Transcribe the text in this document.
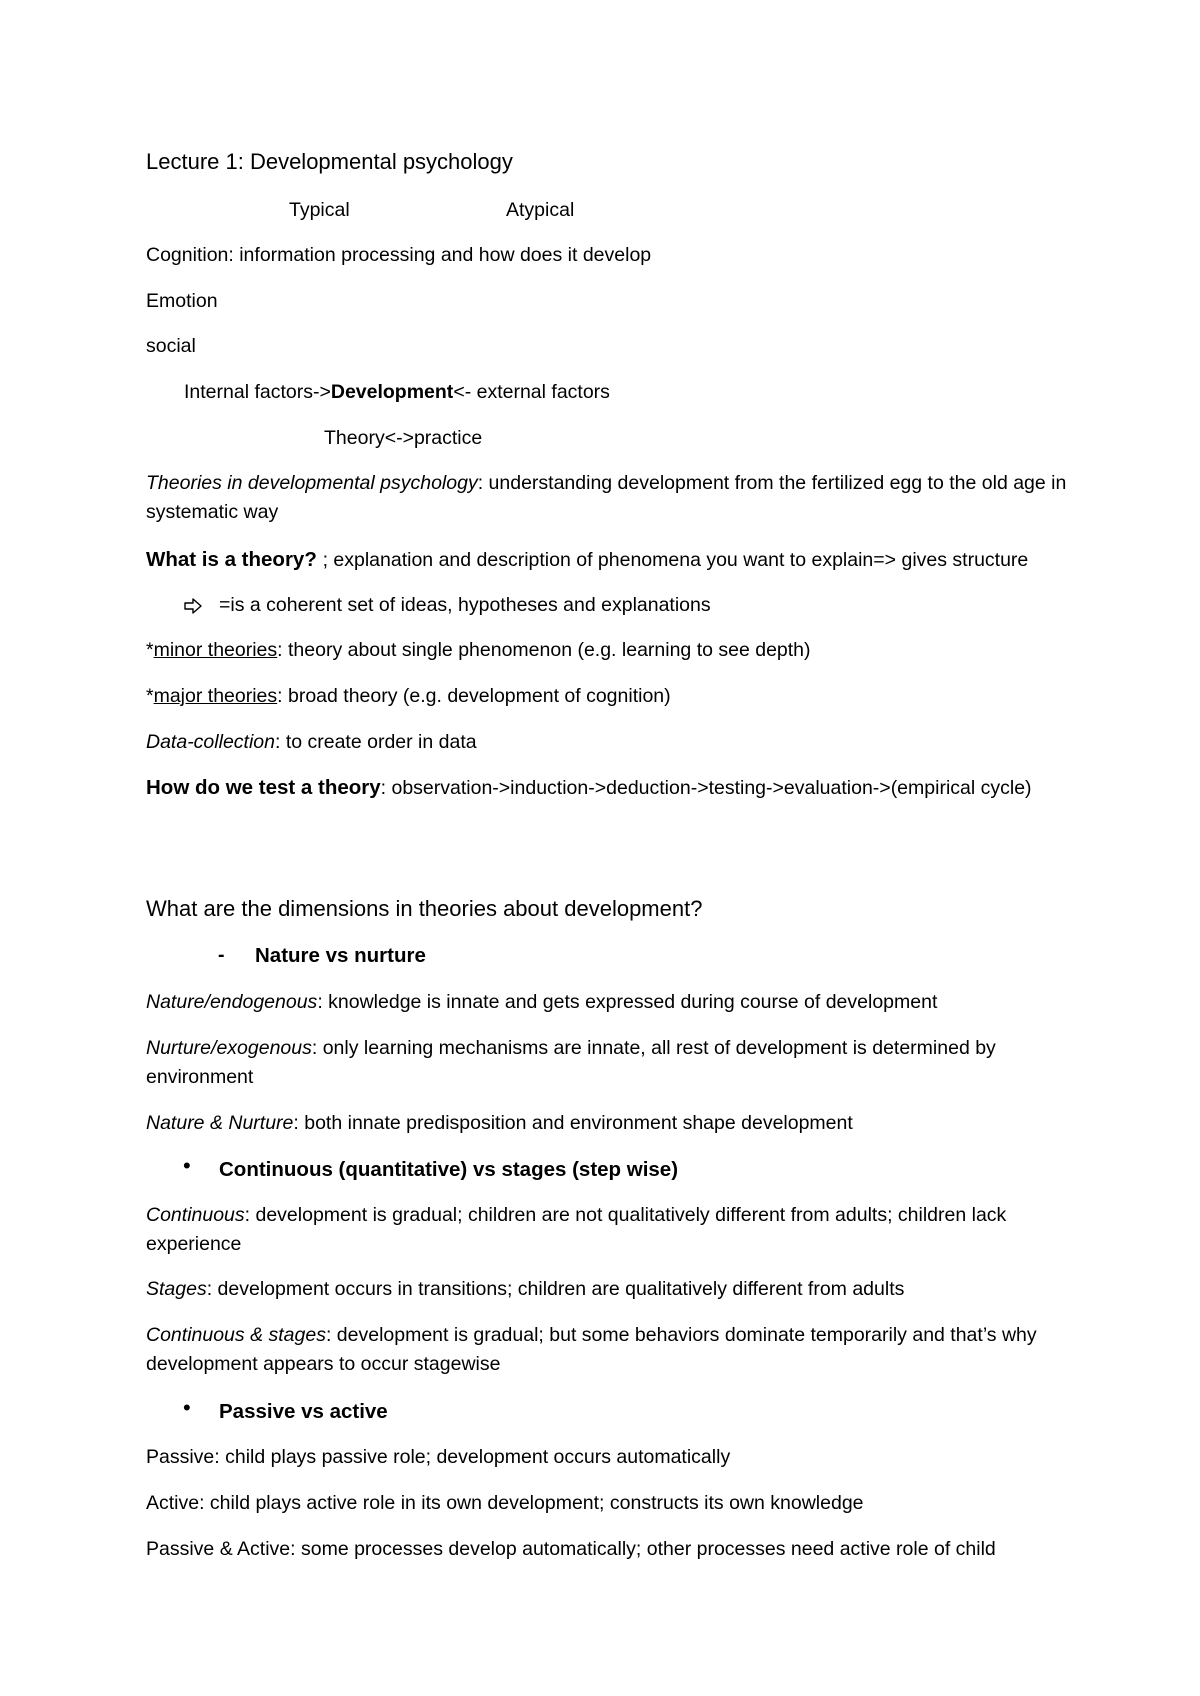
Lecture 1: Developmental psychology
Typical	Atypical
Cognition: information processing and how does it develop
Emotion
social
Internal factors->Development<- external factors
Theory<->practice
Theories in developmental psychology: understanding development from the fertilized egg to the old age in systematic way
What is a theory? ; explanation and description of phenomena you want to explain=> gives structure
=is a coherent set of ideas, hypotheses and explanations
*minor theories: theory about single phenomenon (e.g. learning to see depth)
*major theories: broad theory (e.g. development of cognition)
Data-collection: to create order in data
How do we test a theory: observation->induction->deduction->testing->evaluation->(empirical cycle)
What are the dimensions in theories about development?
- Nature vs nurture
Nature/endogenous: knowledge is innate and gets expressed during course of development
Nurture/exogenous: only learning mechanisms are innate, all rest of development is determined by environment
Nature & Nurture: both innate predisposition and environment shape development
• Continuous (quantitative) vs stages (step wise)
Continuous: development is gradual; children are not qualitatively different from adults; children lack experience
Stages: development occurs in transitions; children are qualitatively different from adults
Continuous & stages: development is gradual; but some behaviors dominate temporarily and that’s why development appears to occur stagewise
• Passive vs active
Passive: child plays passive role; development occurs automatically
Active: child plays active role in its own development; constructs its own knowledge
Passive & Active: some processes develop automatically; other processes need active role of child
